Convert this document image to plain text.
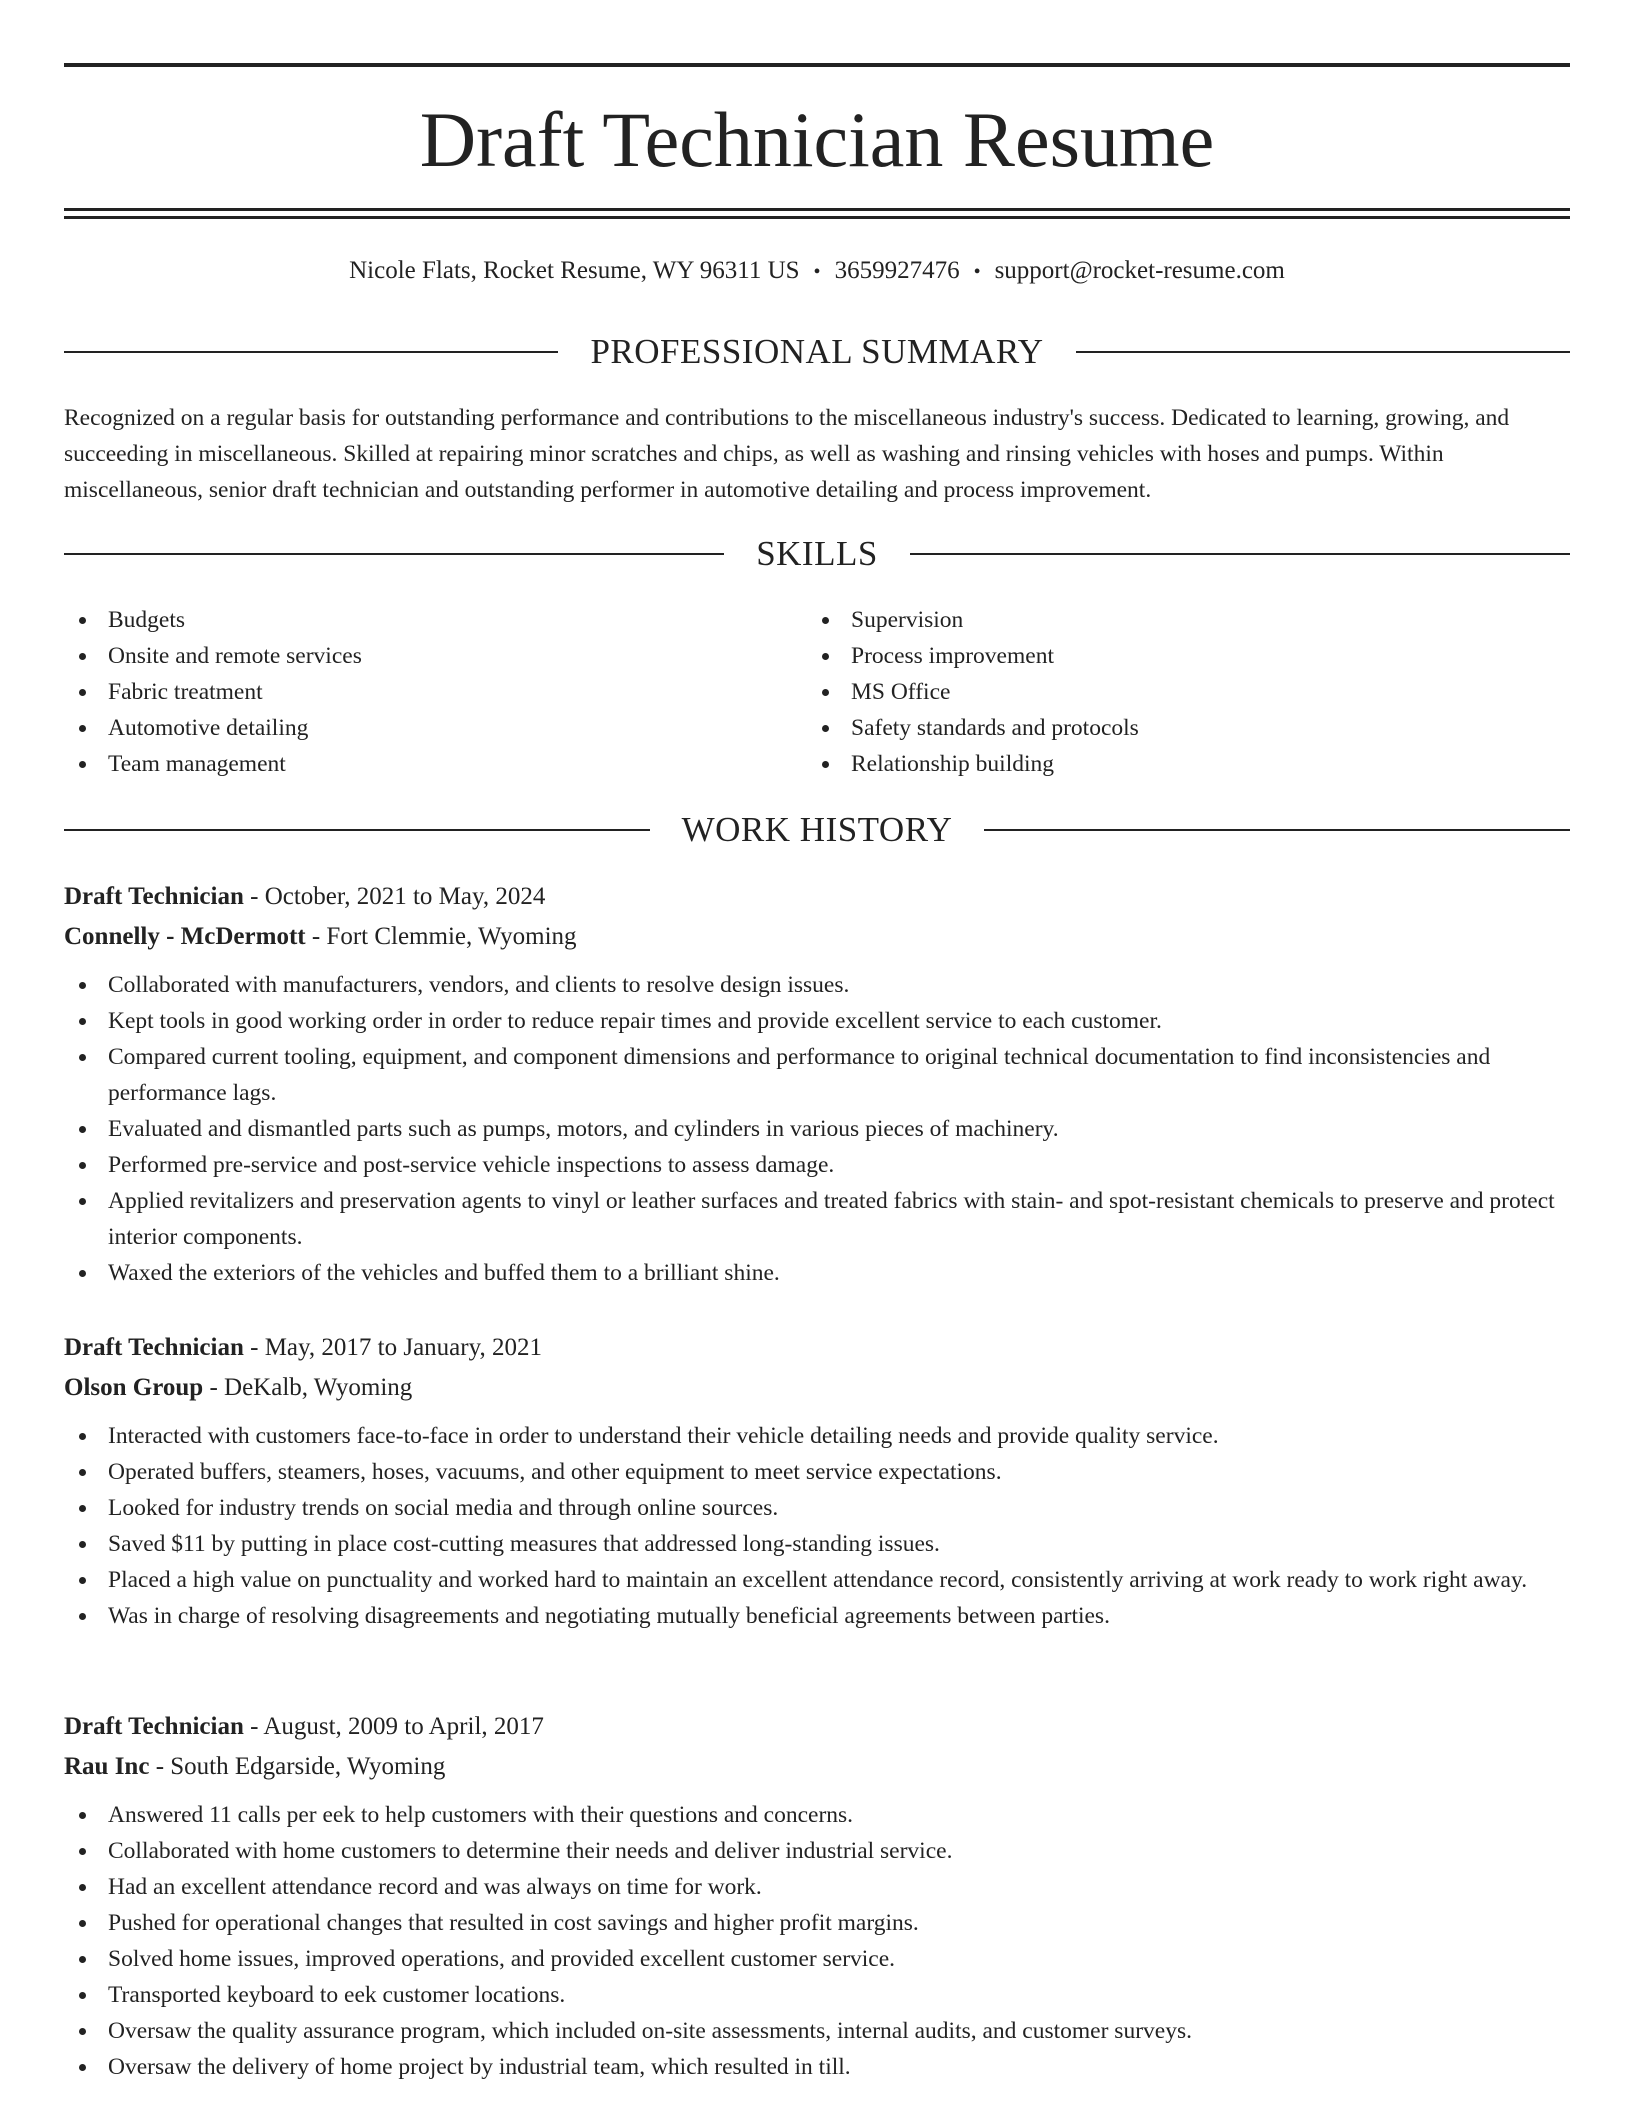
Draft Technician Resume
Nicole Flats, Rocket Resume, WY 96311 US • 3659927476 • support@rocket-resume.com
PROFESSIONAL SUMMARY

Recognized on a regular basis for outstanding performance and contributions to the miscellaneous industry's success. Dedicated to learning, growing, and succeeding in miscellaneous. Skilled at repairing minor scratches and chips, as well as washing and rinsing vehicles with hoses and pumps. Within miscellaneous, senior draft technician and outstanding performer in automotive detailing and process improvement.

SKILLS
Budgets
Onsite and remote services
Fabric treatment
Automotive detailing
Team management
Supervision
Process improvement
MS Office
Safety standards and protocols
Relationship building
WORK HISTORY
Draft Technician - October, 2021 to May, 2024
Connelly - McDermott - Fort Clemmie, Wyoming
Collaborated with manufacturers, vendors, and clients to resolve design issues.
Kept tools in good working order in order to reduce repair times and provide excellent service to each customer.
Compared current tooling, equipment, and component dimensions and performance to original technical documentation to find inconsistencies and performance lags.
Evaluated and dismantled parts such as pumps, motors, and cylinders in various pieces of machinery.
Performed pre-service and post-service vehicle inspections to assess damage.
Applied revitalizers and preservation agents to vinyl or leather surfaces and treated fabrics with stain- and spot-resistant chemicals to preserve and protect interior components.
Waxed the exteriors of the vehicles and buffed them to a brilliant shine.
Draft Technician - May, 2017 to January, 2021
Olson Group - DeKalb, Wyoming
Interacted with customers face-to-face in order to understand their vehicle detailing needs and provide quality service.
Operated buffers, steamers, hoses, vacuums, and other equipment to meet service expectations.
Looked for industry trends on social media and through online sources.
Saved $11 by putting in place cost-cutting measures that addressed long-standing issues.
Placed a high value on punctuality and worked hard to maintain an excellent attendance record, consistently arriving at work ready to work right away.
Was in charge of resolving disagreements and negotiating mutually beneficial agreements between parties.
Draft Technician - August, 2009 to April, 2017
Rau Inc - South Edgarside, Wyoming
Answered 11 calls per eek to help customers with their questions and concerns.
Collaborated with home customers to determine their needs and deliver industrial service.
Had an excellent attendance record and was always on time for work.
Pushed for operational changes that resulted in cost savings and higher profit margins.
Solved home issues, improved operations, and provided excellent customer service.
Transported keyboard to eek customer locations.
Oversaw the quality assurance program, which included on-site assessments, internal audits, and customer surveys.
Oversaw the delivery of home project by industrial team, which resulted in till.
